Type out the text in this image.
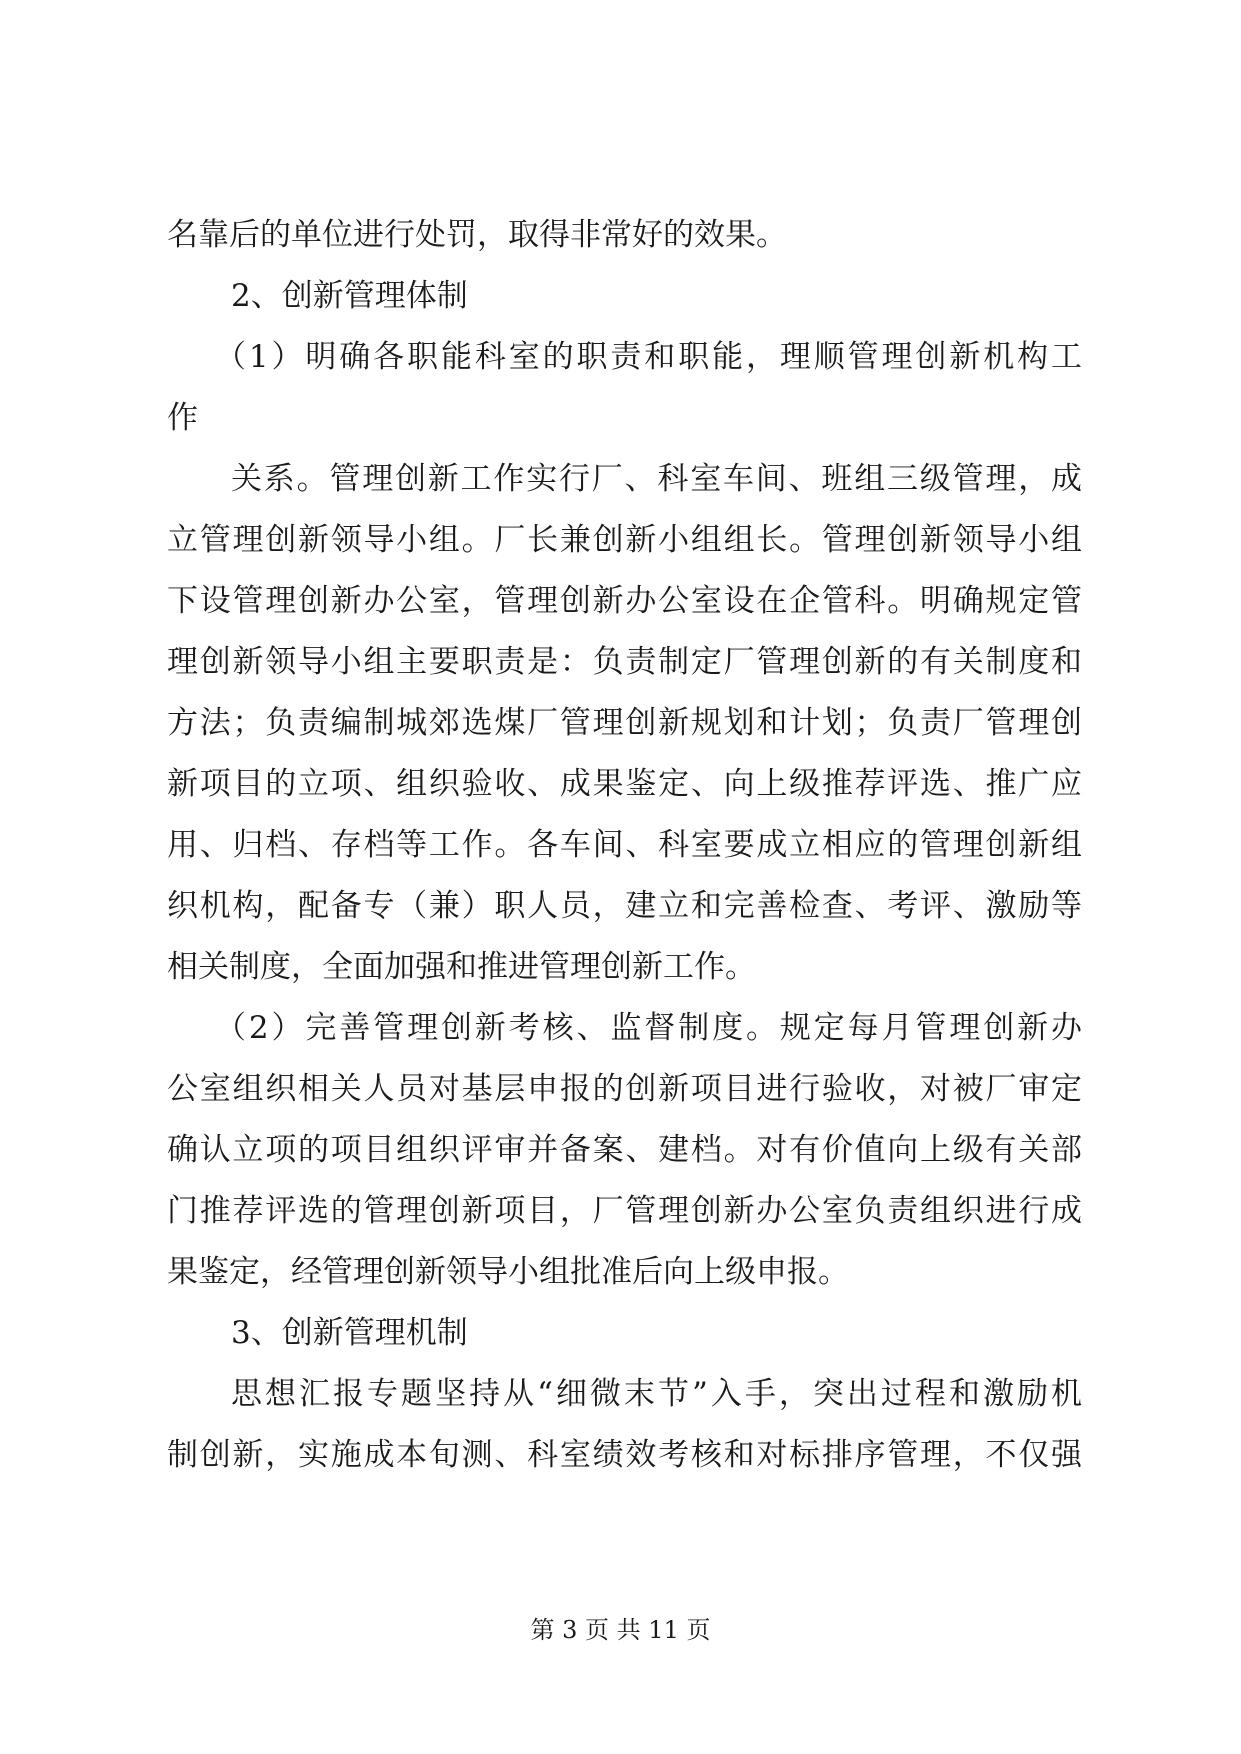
名靠后的单位进行处罚，取得非常好的效果。
2、创新管理体制
（1）明确各职能科室的职责和职能，理顺管理创新机构工
作
关系。管理创新工作实行厂、科室车间、班组三级管理，成
立管理创新领导小组。厂长兼创新小组组长。管理创新领导小组
下设管理创新办公室，管理创新办公室设在企管科。明确规定管
理创新领导小组主要职责是：负责制定厂管理创新的有关制度和
方法；负责编制城郊选煤厂管理创新规划和计划；负责厂管理创
新项目的立项、组织验收、成果鉴定、向上级推荐评选、推广应
用、归档、存档等工作。各车间、科室要成立相应的管理创新组
织机构，配备专（兼）职人员，建立和完善检查、考评、激励等
相关制度，全面加强和推进管理创新工作。
（2）完善管理创新考核、监督制度。规定每月管理创新办
公室组织相关人员对基层申报的创新项目进行验收，对被厂审定
确认立项的项目组织评审并备案、建档。对有价值向上级有关部
门推荐评选的管理创新项目，厂管理创新办公室负责组织进行成
果鉴定，经管理创新领导小组批准后向上级申报。
3、创新管理机制
思想汇报专题坚持从“细微末节”入手，突出过程和激励机
制创新，实施成本旬测、科室绩效考核和对标排序管理，不仅强
第 3 页 共 11 页
